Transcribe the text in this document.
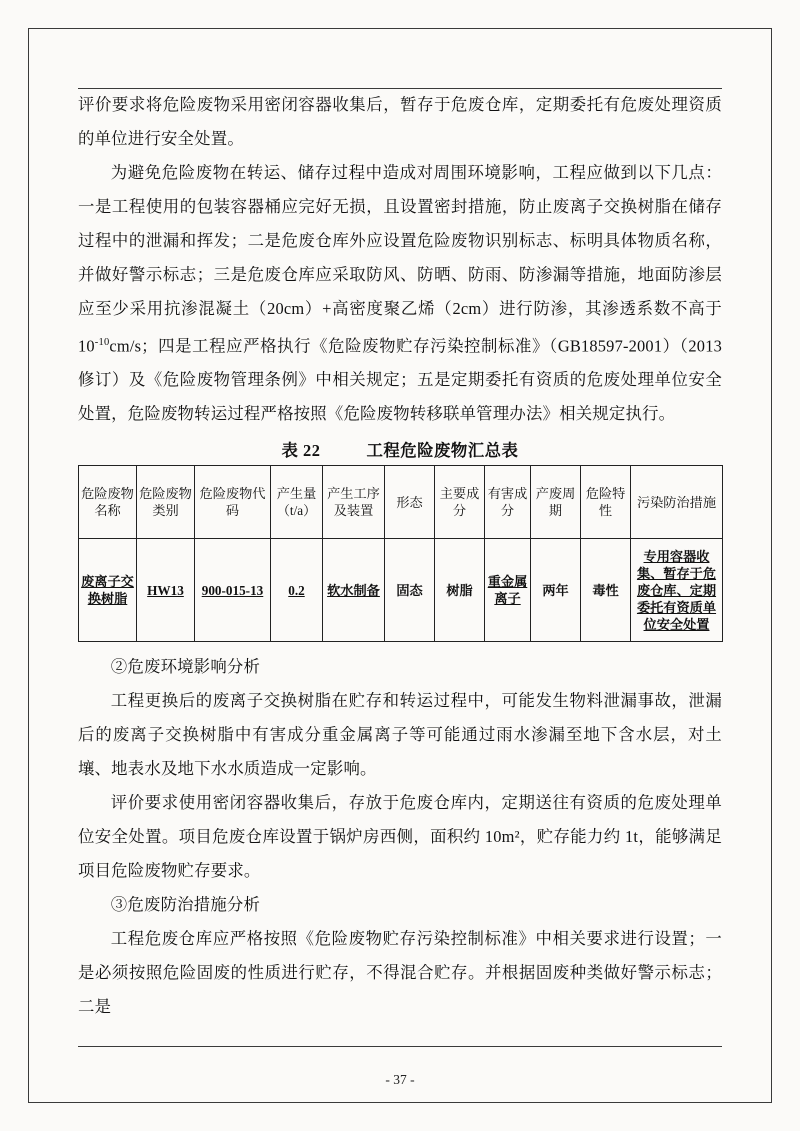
评价要求将危险废物采用密闭容器收集后，暂存于危废仓库，定期委托有危废处理资质的单位进行安全处置。

为避免危险废物在转运、储存过程中造成对周围环境影响，工程应做到以下几点：一是工程使用的包装容器桶应完好无损，且设置密封措施，防止废离子交换树脂在储存过程中的泄漏和挥发；二是危废仓库外应设置危险废物识别标志、标明具体物质名称，并做好警示标志；三是危废仓库应采取防风、防晒、防雨、防渗漏等措施，地面防渗层应至少采用抗渗混凝土（20cm）+高密度聚乙烯（2cm）进行防渗，其渗透系数不高于 $10^{-10}cm/s$；四是工程应严格执行《危险废物贮存污染控制标准》（GB18597-2001）（2013 修订）及《危险废物管理条例》中相关规定；五是定期委托有资质的危废处理单位安全处置，危险废物转运过程严格按照《危险废物转移联单管理办法》相关规定执行。

表 22	工程危险废物汇总表
危险废物名称	危险废物类别	危险废物代码	产生量（t/a）	产生工序及装置	形态	主要成分	有害成分	产废周期	危险特性	污染防治措施
废离子交换树脂	HW13	900-015-13	0.2	软水制备	固态	树脂	重金属离子	两年	毒性	专用容器收集、暂存于危废仓库、定期委托有资质单位安全处置

②危废环境影响分析

工程更换后的废离子交换树脂在贮存和转运过程中，可能发生物料泄漏事故，泄漏后的废离子交换树脂中有害成分重金属离子等可能通过雨水渗漏至地下含水层，对土壤、地表水及地下水水质造成一定影响。

评价要求使用密闭容器收集后，存放于危废仓库内，定期送往有资质的危废处理单位安全处置。项目危废仓库设置于锅炉房西侧，面积约 10m²，贮存能力约 1t，能够满足项目危险废物贮存要求。

③危废防治措施分析

工程危废仓库应严格按照《危险废物贮存污染控制标准》中相关要求进行设置；一是必须按照危险固废的性质进行贮存，不得混合贮存。并根据固废种类做好警示标志；二是

- 37 -
